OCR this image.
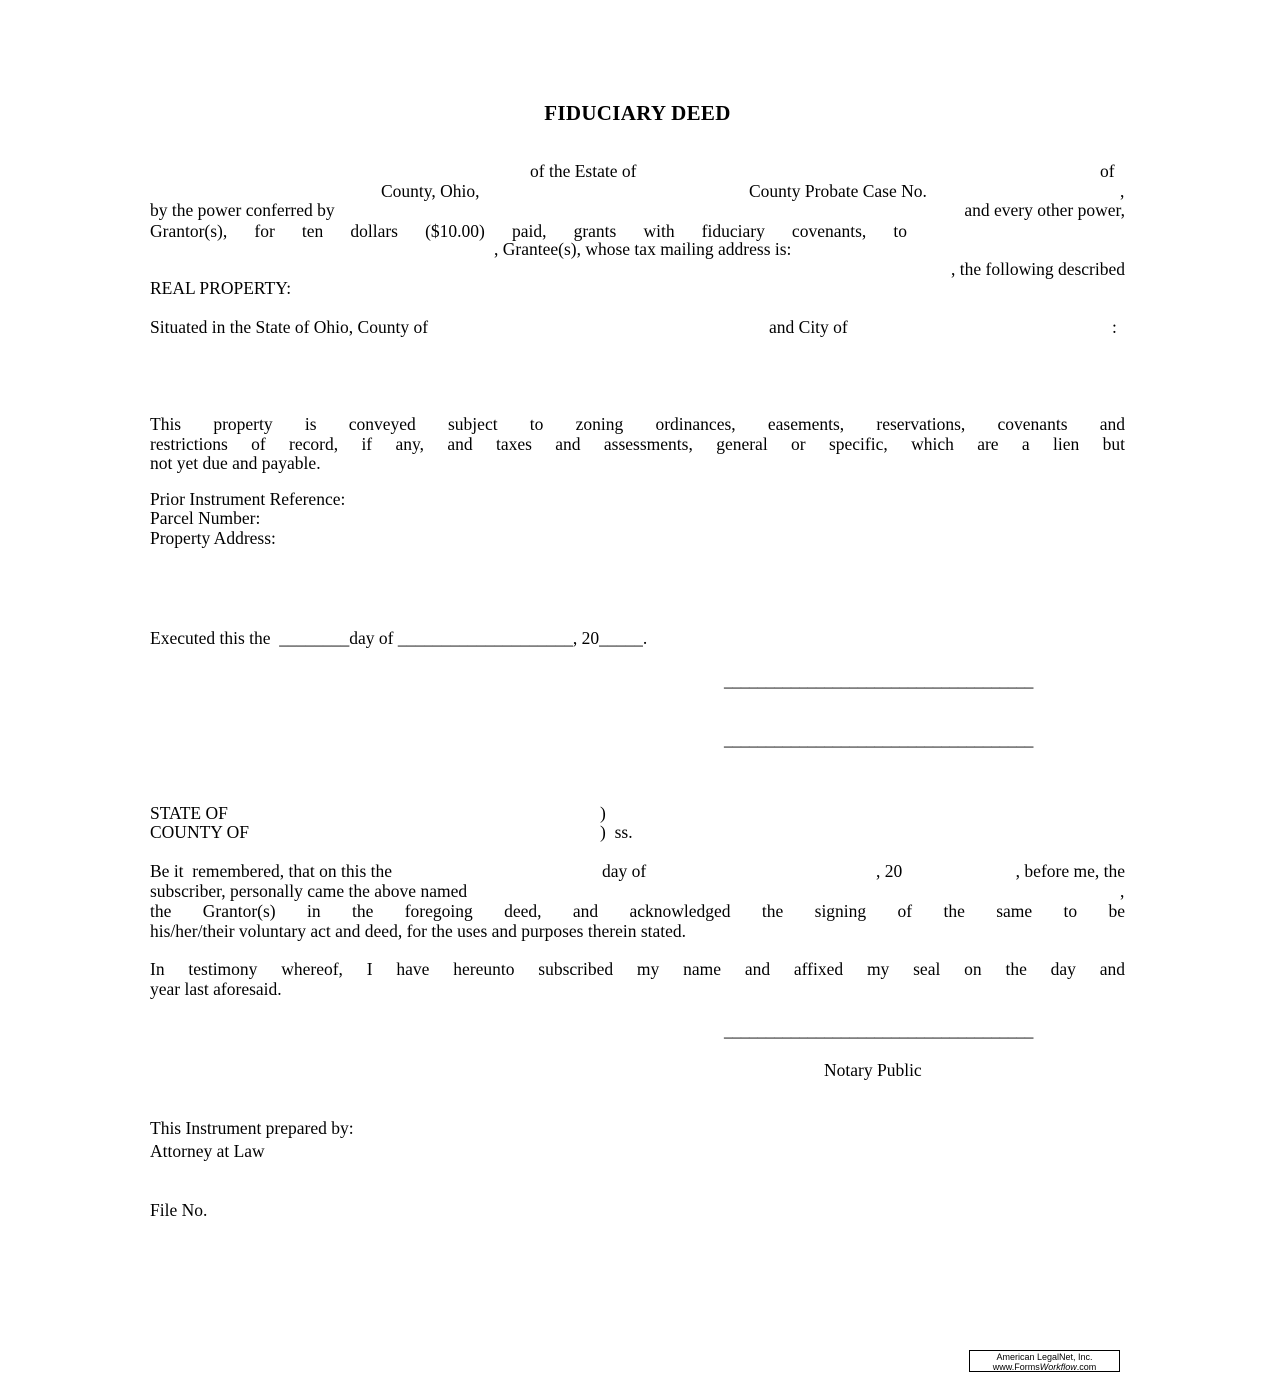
FIDUCIARY DEED
of the Estate of	of
County, Ohio,	County Probate Case No.	,
by the power conferred by	and every other power,
Grantor(s), for ten dollars ($10.00) paid, grants with fiduciary covenants, to
, Grantee(s), whose tax mailing address is:
, the following described
REAL PROPERTY:
Situated in the State of Ohio, County of	and City of	:
This property is conveyed subject to zoning ordinances, easements, reservations, covenants and
restrictions of record, if any, and taxes and assessments, general or specific, which are a lien but
not yet due and payable.
Prior Instrument Reference:
Parcel Number:
Property Address:
Executed this the  ________day of ____________________, 20_____.
_____________________________________
_____________________________________
STATE OF	)
COUNTY OF	)  ss.
Be it  remembered, that on this the	day of	, 20	, before me, the
subscriber, personally came the above named	,
the Grantor(s) in the foregoing deed, and acknowledged the signing of the same to be
his/her/their voluntary act and deed, for the uses and purposes therein stated.
In testimony whereof, I have hereunto subscribed my name and affixed my seal on the day and
year last aforesaid.
_____________________________________
Notary Public
This Instrument prepared by:
Attorney at Law
File No.
American LegalNet, Inc.
www.FormsWorkflow.com
